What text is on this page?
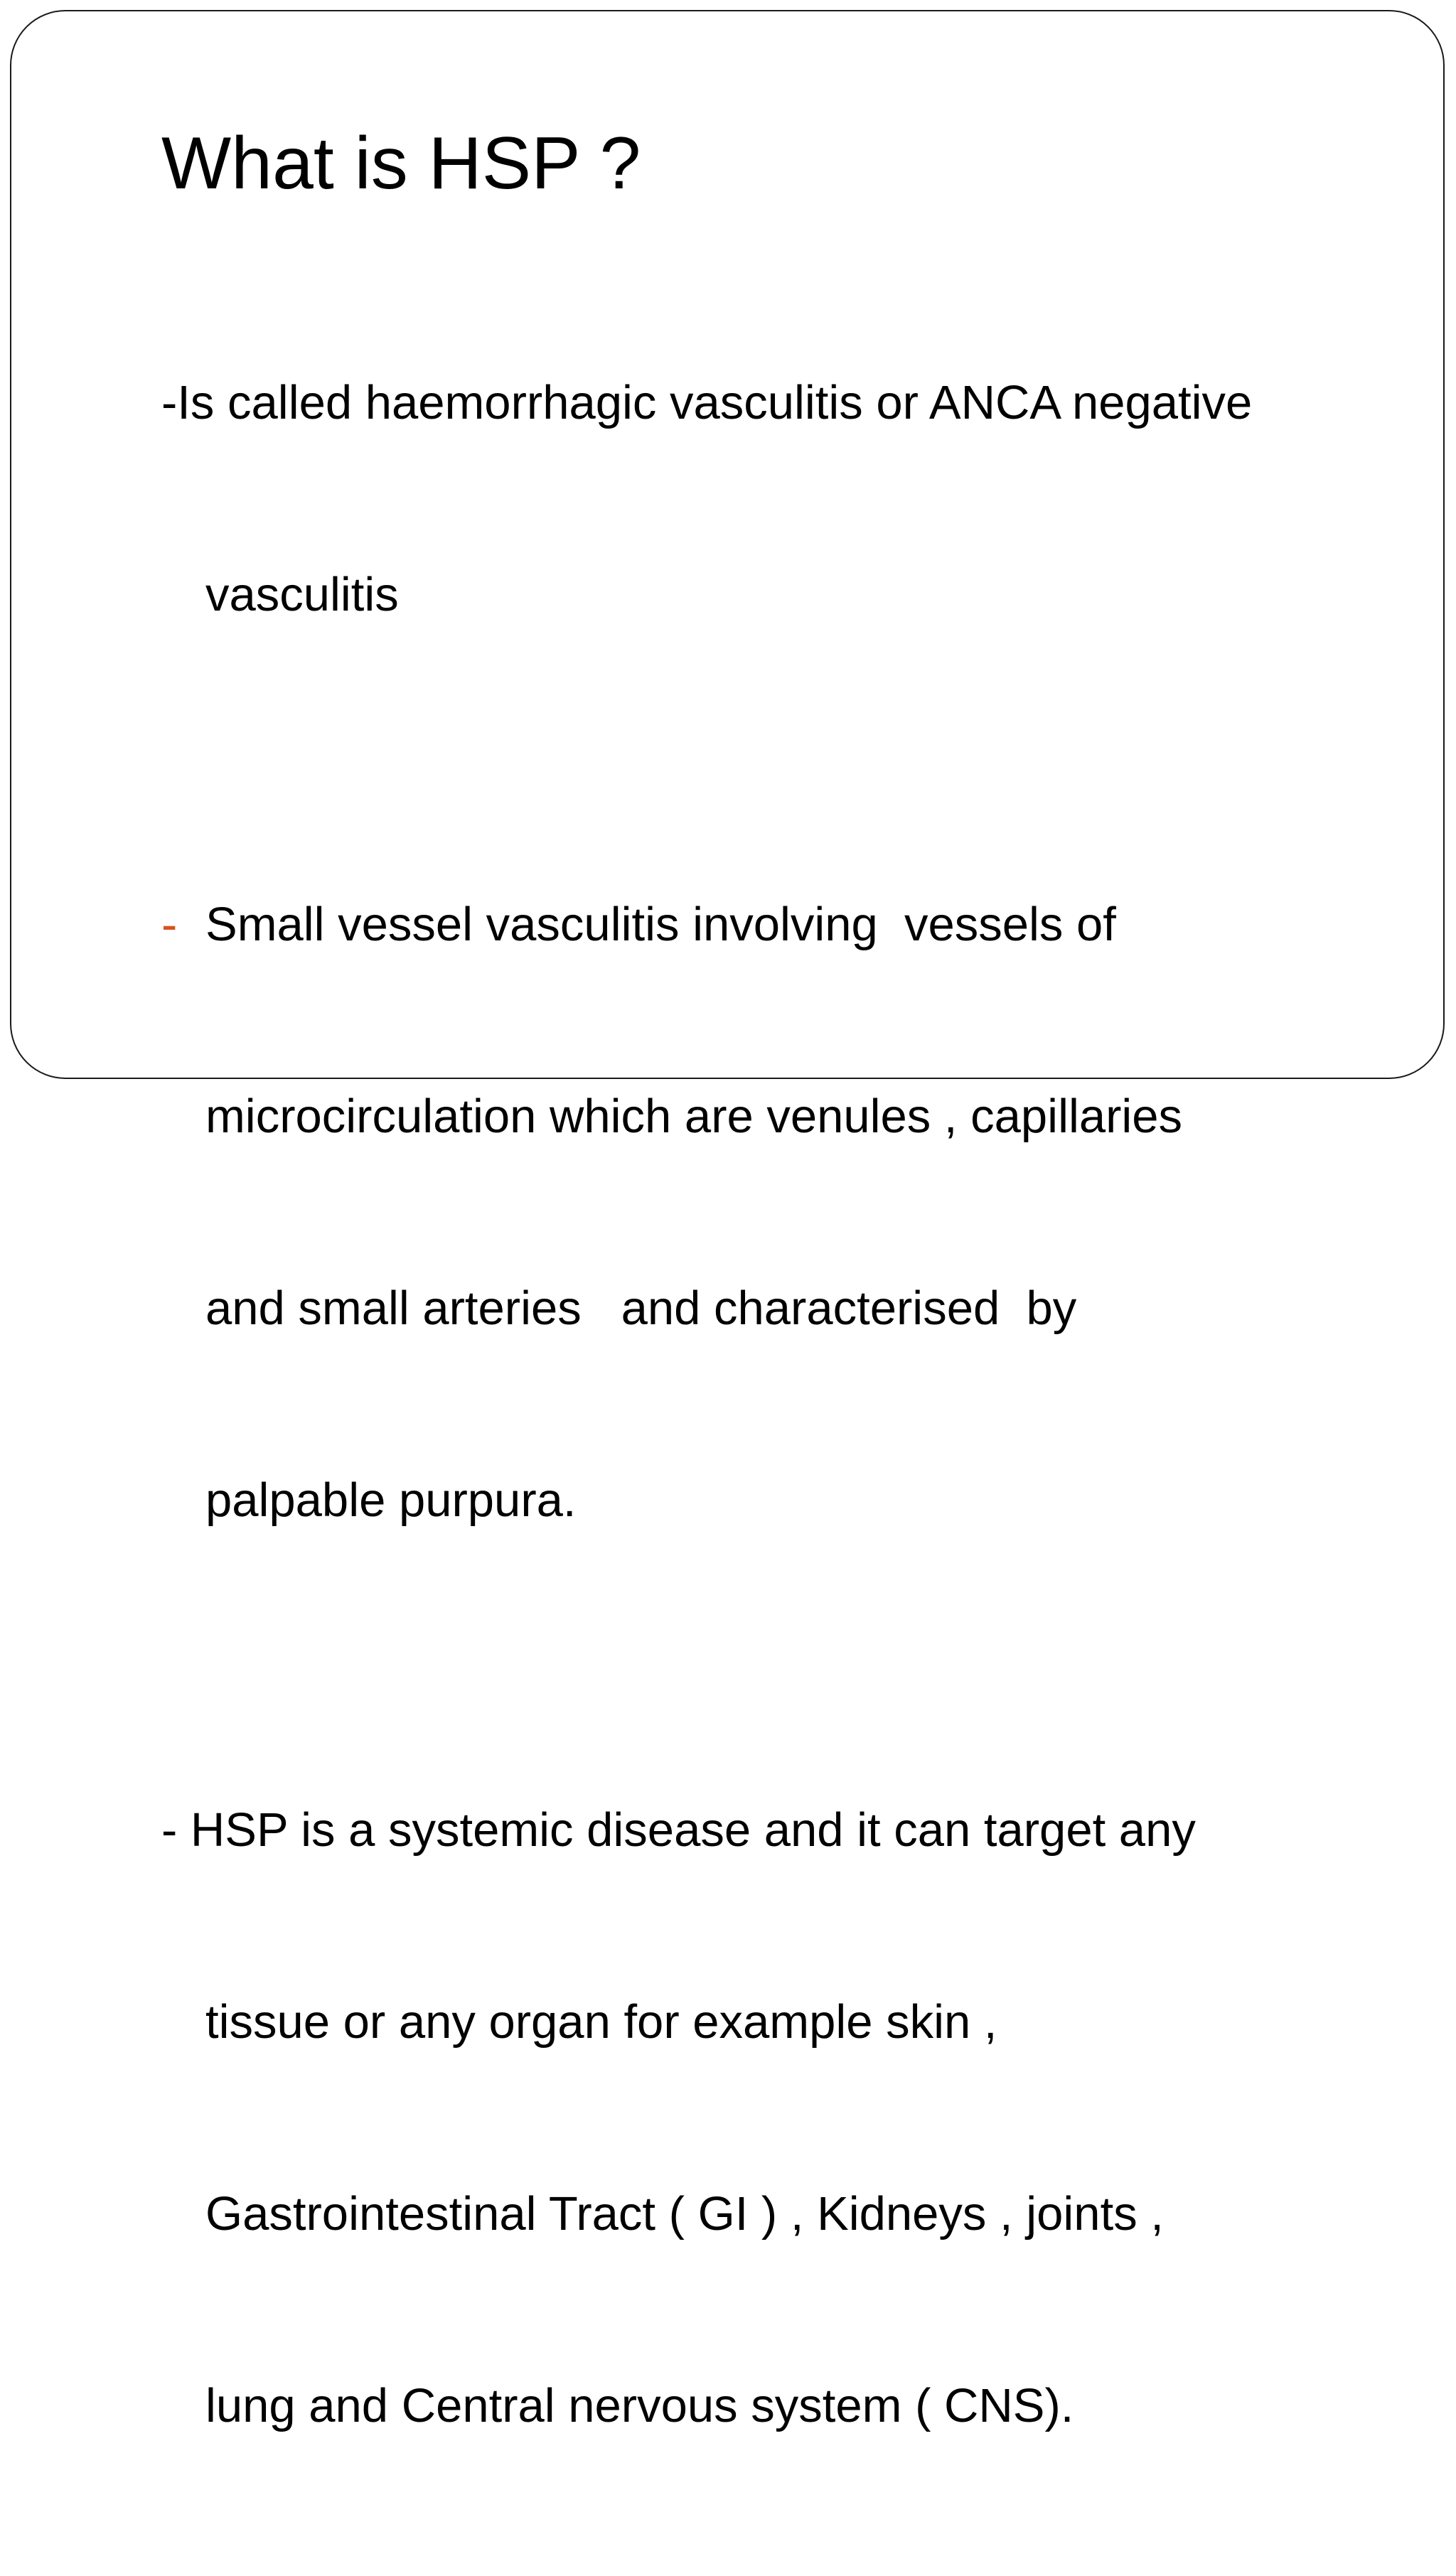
What is HSP ?

-Is called haemorrhagic vasculitis or ANCA negative

vasculitis

- Small vessel vasculitis involving  vessels of

microcirculation which are venules , capillaries

and small arteries   and characterised  by

palpable purpura.

- HSP is a systemic disease and it can target any

tissue or any organ for example skin ,

Gastrointestinal Tract ( GI ) , Kidneys , joints ,

lung and Central nervous system ( CNS).
